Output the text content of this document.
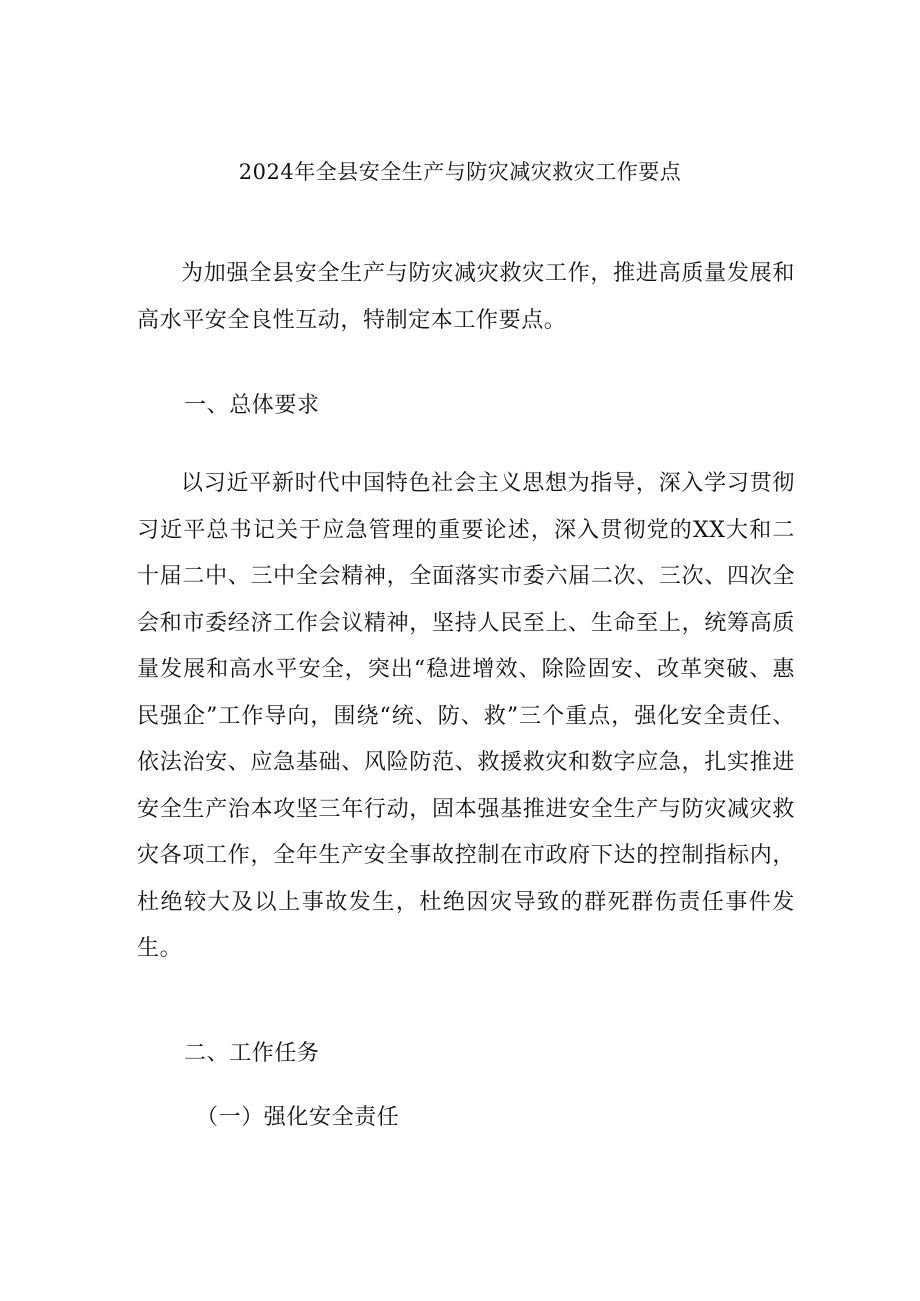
2024年全县安全生产与防灾减灾救灾工作要点

为加强全县安全生产与防灾减灾救灾工作，推进高质量发展和高水平安全良性互动，特制定本工作要点。

一、总体要求

以习近平新时代中国特色社会主义思想为指导，深入学习贯彻习近平总书记关于应急管理的重要论述，深入贯彻党的XX大和二十届二中、三中全会精神，全面落实市委六届二次、三次、四次全会和市委经济工作会议精神，坚持人民至上、生命至上，统筹高质量发展和高水平安全，突出“稳进增效、除险固安、改革突破、惠民强企”工作导向，围绕“统、防、救”三个重点，强化安全责任、依法治安、应急基础、风险防范、救援救灾和数字应急，扎实推进安全生产治本攻坚三年行动，固本强基推进安全生产与防灾减灾救灾各项工作，全年生产安全事故控制在市政府下达的控制指标内，杜绝较大及以上事故发生，杜绝因灾导致的群死群伤责任事件发生。

二、工作任务
（一）强化安全责任
